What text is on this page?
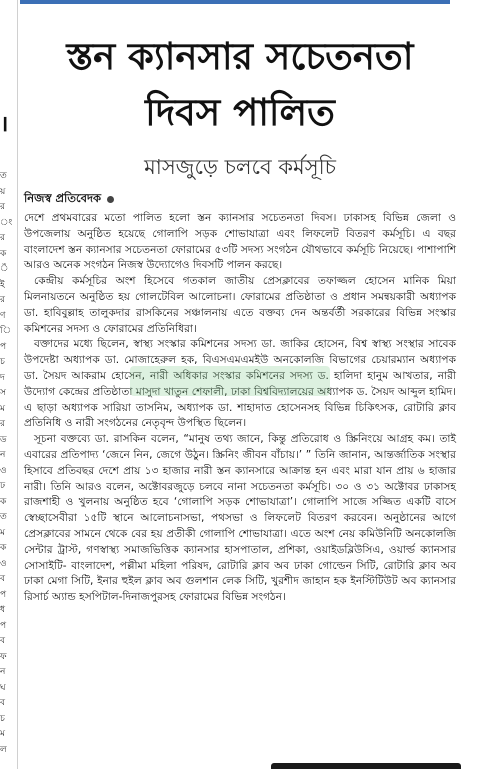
ত
য়
র
ং
র
ক
ঁ
ই
র
ণ
ি
প
চ
দ
স
ম
র
ড
ন
ও
ঢ
ক
ত
ম
ক
ও
ব
প
ধ
প
ব
ফ
ন
ঘ
ব
চ
ম
ল
।
স্তন ক্যানসার সচেতনতা
দিবস পালিত
মাসজুড়ে চলবে কর্মসূচি
নিজস্ব প্রতিবেদক

দেশে প্রথমবারের মতো পালিত হলো স্তন ক্যানসার সচেতনতা দিবস। ঢাকাসহ বিভিন্ন জেলা ও উপজেলায় অনুষ্ঠিত হয়েছে গোলাপি সড়ক শোভাযাত্রা এবং লিফলেট বিতরণ কর্মসূচি। এ বছর বাংলাদেশ স্তন ক্যানসার সচেতনতা ফোরামের ৫৩টি সদস্য সংগঠন যৌথভাবে কর্মসূচি নিয়েছে। পাশাপাশি আরও অনেক সংগঠন নিজস্ব উদ্যোগেও দিবসটি পালন করছে।

কেন্দ্রীয় কর্মসূচির অংশ হিসেবে গতকাল জাতীয় প্রেসক্লাবের তফাজ্জল হোসেন মানিক মিয়া মিলনায়তনে অনুষ্ঠিত হয় গোলটেবিল আলোচনা। ফোরামের প্রতিষ্ঠাতা ও প্রধান সমন্বয়কারী অধ্যাপক ডা. হাবিবুল্লাহ তালুকদার রাসকিনের সঞ্চালনায় এতে বক্তব্য দেন অন্তর্বর্তী সরকারের বিভিন্ন সংস্কার কমিশনের সদস্য ও ফোরামের প্রতিনিধিরা।

বক্তাদের মধ্যে ছিলেন, স্বাস্থ্য সংস্কার কমিশনের সদস্য ডা. জাকির হোসেন, বিশ্ব স্বাস্থ্য সংস্থার সাবেক উপদেষ্টা অধ্যাপক ডা. মোজাহেরুল হক, বিএসএমএমইউ অনকোলজি বিভাগের চেয়ারম্যান অধ্যাপক ডা. সৈয়দ আকরাম হোসেন, নারী অধিকার সংস্কার কমিশনের সদস্য ড. হালিদা হানুম আখতার, নারী উদ্যোগ কেন্দ্রের প্রতিষ্ঠাতা মাসুদা খাতুন শেফালী, ঢাকা বিশ্ববিদ্যালয়ের অধ্যাপক ড. সৈয়দ আব্দুল হামিদ। এ ছাড়া অধ্যাপক সারিয়া তাসনিম, অধ্যাপক ডা. শাহাদাত হোসেনসহ বিভিন্ন চিকিৎসক, রোটারি ক্লাব প্রতিনিধি ও নারী সংগঠনের নেতৃবৃন্দ উপস্থিত ছিলেন।

সূচনা বক্তব্যে ডা. রাসকিন বলেন, “মানুষ তথ্য জানে, কিন্তু প্রতিরোধ ও স্ক্রিনিংয়ে আগ্রহ কম। তাই এবারের প্রতিপাদ্য ‘জেনে নিন, জেগে উঠুন। স্ক্রিনিং জীবন বাঁচায়।’ ” তিনি জানান, আন্তর্জাতিক সংস্থার হিসাবে প্রতিবছর দেশে প্রায় ১৩ হাজার নারী স্তন ক্যানসারে আক্রান্ত হন এবং মারা যান প্রায় ৬ হাজার নারী। তিনি আরও বলেন, অক্টোবরজুড়ে চলবে নানা সচেতনতা কর্মসূচি। ৩০ ও ৩১ অক্টোবর ঢাকাসহ রাজশাহী ও খুলনায় অনুষ্ঠিত হবে ‘গোলাপি সড়ক শোভাযাত্রা’। গোলাপি সাজে সজ্জিত একটি বাসে স্বেচ্ছাসেবীরা ১৫টি স্থানে আলোচনাসভা, পথসভা ও লিফলেট বিতরণ করবেন। অনুষ্ঠানের আগে প্রেসক্লাবের সামনে থেকে বের হয় প্রতীকী গোলাপি শোভাযাত্রা। এতে অংশ নেয় কমিউনিটি অনকোলজি সেন্টার ট্রাস্ট, গণস্বাস্থ্য সমাজভিত্তিক ক্যানসার হাসপাতাল, প্রশিকা, ওয়াইডব্লিউসিএ, ওয়ার্ল্ড ক্যানসার সোসাইটি- বাংলাদেশ, পল্লীমা মহিলা পরিষদ, রোটারি ক্লাব অব ঢাকা গোল্ডেন সিটি, রোটারি ক্লাব অব ঢাকা মেগা সিটি, ইনার হুইল ক্লাব অব গুলশান লেক সিটি, খুরশীদ জাহান হক ইনস্টিটিউট অব ক্যানসার রিসার্চ অ্যান্ড হসপিটাল-দিনাজপুরসহ ফোরামের বিভিন্ন সংগঠন।
